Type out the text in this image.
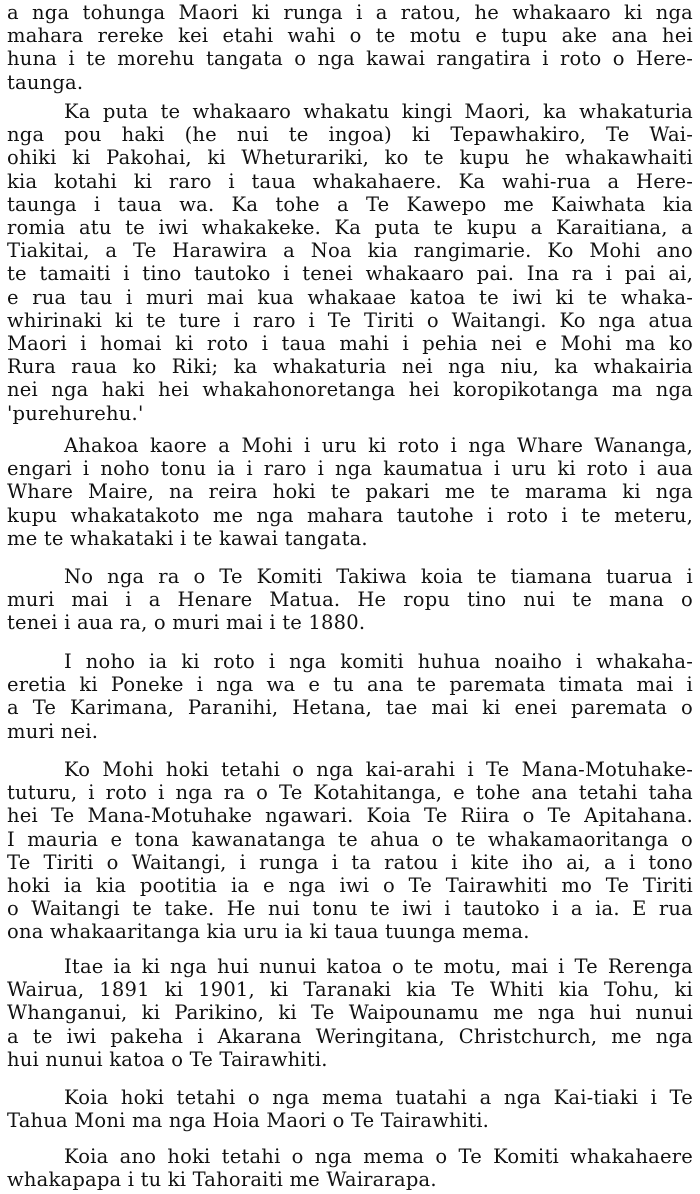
a nga tohunga Maori ki runga i a ratou, he whakaaro ki nga
mahara rereke kei etahi wahi o te motu e tupu ake ana hei
huna i te morehu tangata o nga kawai rangatira i roto o Here-
taunga.

Ka puta te whakaaro whakatu kingi Maori, ka whakaturia
nga pou haki (he nui te ingoa) ki Tepawhakiro, Te Wai-
ohiki ki Pakohai, ki Wheturariki, ko te kupu he whakawhaiti
kia kotahi ki raro i taua whakahaere. Ka wahi-rua a Here-
taunga i taua wa. Ka tohe a Te Kawepo me Kaiwhata kia
romia atu te iwi whakakeke. Ka puta te kupu a Karaitiana, a
Tiakitai, a Te Harawira a Noa kia rangimarie. Ko Mohi ano
te tamaiti i tino tautoko i tenei whakaaro pai. Ina ra i pai ai,
e rua tau i muri mai kua whakaae katoa te iwi ki te whaka-
whirinaki ki te ture i raro i Te Tiriti o Waitangi. Ko nga atua
Maori i homai ki roto i taua mahi i pehia nei e Mohi ma ko
Rura raua ko Riki; ka whakaturia nei nga niu, ka whakairia
nei nga haki hei whakahonoretanga hei koropikotanga ma nga
'purehurehu.'

Ahakoa kaore a Mohi i uru ki roto i nga Whare Wananga,
engari i noho tonu ia i raro i nga kaumatua i uru ki roto i aua
Whare Maire, na reira hoki te pakari me te marama ki nga
kupu whakatakoto me nga mahara tautohe i roto i te meteru,
me te whakataki i te kawai tangata.

No nga ra o Te Komiti Takiwa koia te tiamana tuarua i
muri mai i a Henare Matua. He ropu tino nui te mana o
tenei i aua ra, o muri mai i te 1880.

I noho ia ki roto i nga komiti huhua noaiho i whakaha-
eretia ki Poneke i nga wa e tu ana te paremata timata mai i
a Te Karimana, Paranihi, Hetana, tae mai ki enei paremata o
muri nei.

Ko Mohi hoki tetahi o nga kai-arahi i Te Mana-Motuhake-
tuturu, i roto i nga ra o Te Kotahitanga, e tohe ana tetahi taha
hei Te Mana-Motuhake ngawari. Koia Te Riira o Te Apitahana.
I mauria e tona kawanatanga te ahua o te whakamaoritanga o
Te Tiriti o Waitangi, i runga i ta ratou i kite iho ai, a i tono
hoki ia kia pootitia ia e nga iwi o Te Tairawhiti mo Te Tiriti
o Waitangi te take. He nui tonu te iwi i tautoko i a ia. E rua
ona whakaaritanga kia uru ia ki taua tuunga mema.

Itae ia ki nga hui nunui katoa o te motu, mai i Te Rerenga
Wairua, 1891 ki 1901, ki Taranaki kia Te Whiti kia Tohu, ki
Whanganui, ki Parikino, ki Te Waipounamu me nga hui nunui
a te iwi pakeha i Akarana Weringitana, Christchurch, me nga
hui nunui katoa o Te Tairawhiti.

Koia hoki tetahi o nga mema tuatahi a nga Kai-tiaki i Te
Tahua Moni ma nga Hoia Maori o Te Tairawhiti.

Koia ano hoki tetahi o nga mema o Te Komiti whakahaere
whakapapa i tu ki Tahoraiti me Wairarapa.
